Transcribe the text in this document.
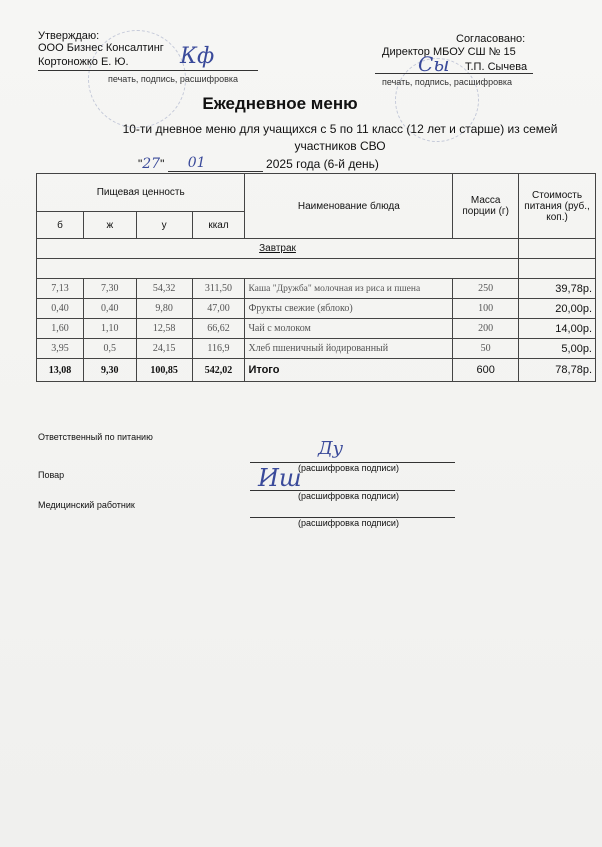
Утверждаю:
ООО Бизнес Консалтинг
Кортоножко Е. Ю.
печать, подпись, расшифровка
Кф
Согласовано:
Директор МБОУ СШ № 15
Т.П. Сычева
печать, подпись, расшифровка
Сы
Ежедневное меню
10-ти дневное меню для учащихся с 5 по 11 класс (12 лет и старше) из семей
участников СВО
"27" 01	2025 года (6-й день)
Пищевая ценность				Наименование блюда	Масса порции (г)	Стоимость питания (руб., коп.)
б	ж	у	ккал			
Завтрак						

7,13	7,30	54,32	311,50	Каша "Дружба" молочная из риса и пшена	250	39,78р.
0,40	0,40	9,80	47,00	Фрукты свежие (яблоко)	100	20,00р.
1,60	1,10	12,58	66,62	Чай с молоком	200	14,00р.
3,95	0,5	24,15	116,9	Хлеб пшеничный йодированный	50	5,00р.
13,08	9,30	100,85	542,02	Итого	600	78,78р.
Ответственный по питанию
(расшифровка подписи)
Ду
Повар
(расшифровка подписи)
Иш
Медицинский работник
(расшифровка подписи)
